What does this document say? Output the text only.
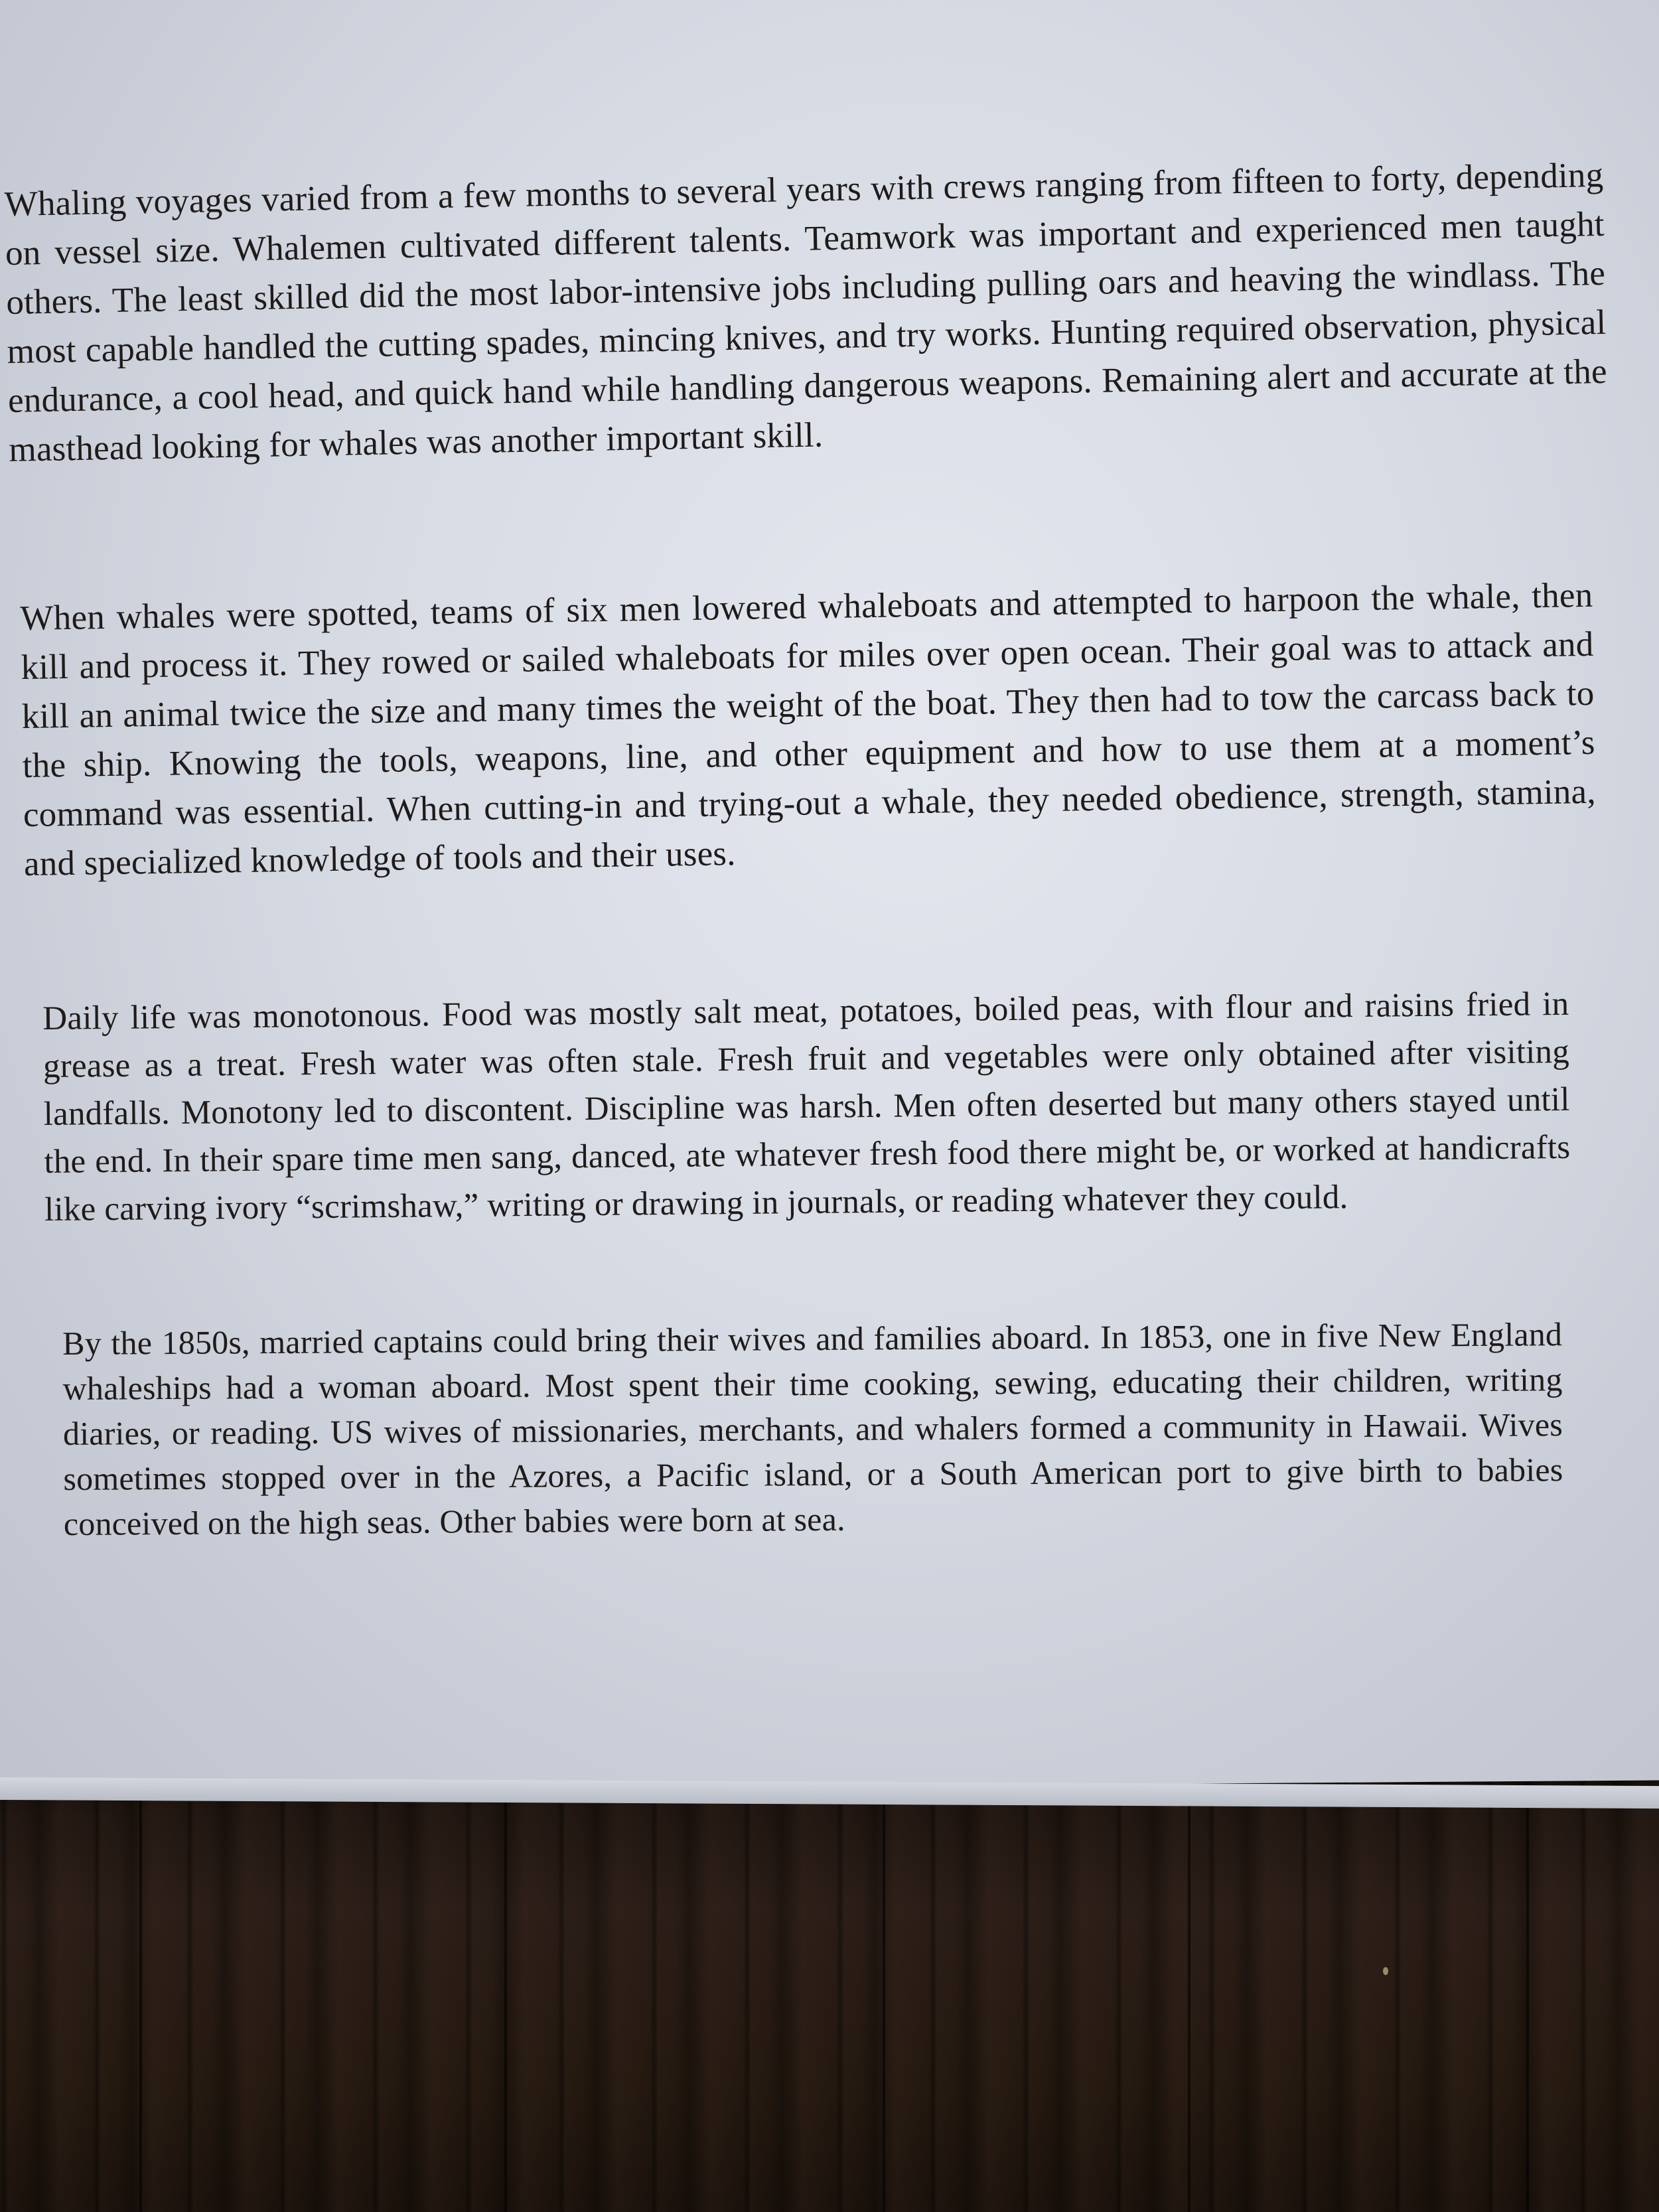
Whaling voyages varied from a few months to several years with crews ranging from fifteen to forty, depending on vessel size. Whalemen cultivated different talents. Teamwork was important and experienced men taught others. The least skilled did the most labor-intensive jobs including pulling oars and heaving the windlass. The most capable handled the cutting spades, mincing knives, and try works. Hunting required observation, physical endurance, a cool head, and quick hand while handling dangerous weapons. Remaining alert and accurate at the masthead looking for whales was another important skill.

When whales were spotted, teams of six men lowered whaleboats and attempted to harpoon the whale, then kill and process it. They rowed or sailed whaleboats for miles over open ocean. Their goal was to attack and kill an animal twice the size and many times the weight of the boat. They then had to tow the carcass back to the ship. Knowing the tools, weapons, line, and other equipment and how to use them at a moment’s command was essential. When cutting-in and trying-out a whale, they needed obedience, strength, stamina, and specialized knowledge of tools and their uses.

Daily life was monotonous. Food was mostly salt meat, potatoes, boiled peas, with flour and raisins fried in grease as a treat. Fresh water was often stale. Fresh fruit and vegetables were only obtained after visiting landfalls. Monotony led to discontent. Discipline was harsh. Men often deserted but many others stayed until the end. In their spare time men sang, danced, ate whatever fresh food there might be, or worked at handicrafts like carving ivory “scrimshaw,” writing or drawing in journals, or reading whatever they could.

By the 1850s, married captains could bring their wives and families aboard. In 1853, one in five New England whaleships had a woman aboard. Most spent their time cooking, sewing, educating their children, writing diaries, or reading. US wives of missionaries, merchants, and whalers formed a community in Hawaii. Wives sometimes stopped over in the Azores, a Pacific island, or a South American port to give birth to babies conceived on the high seas. Other babies were born at sea.
